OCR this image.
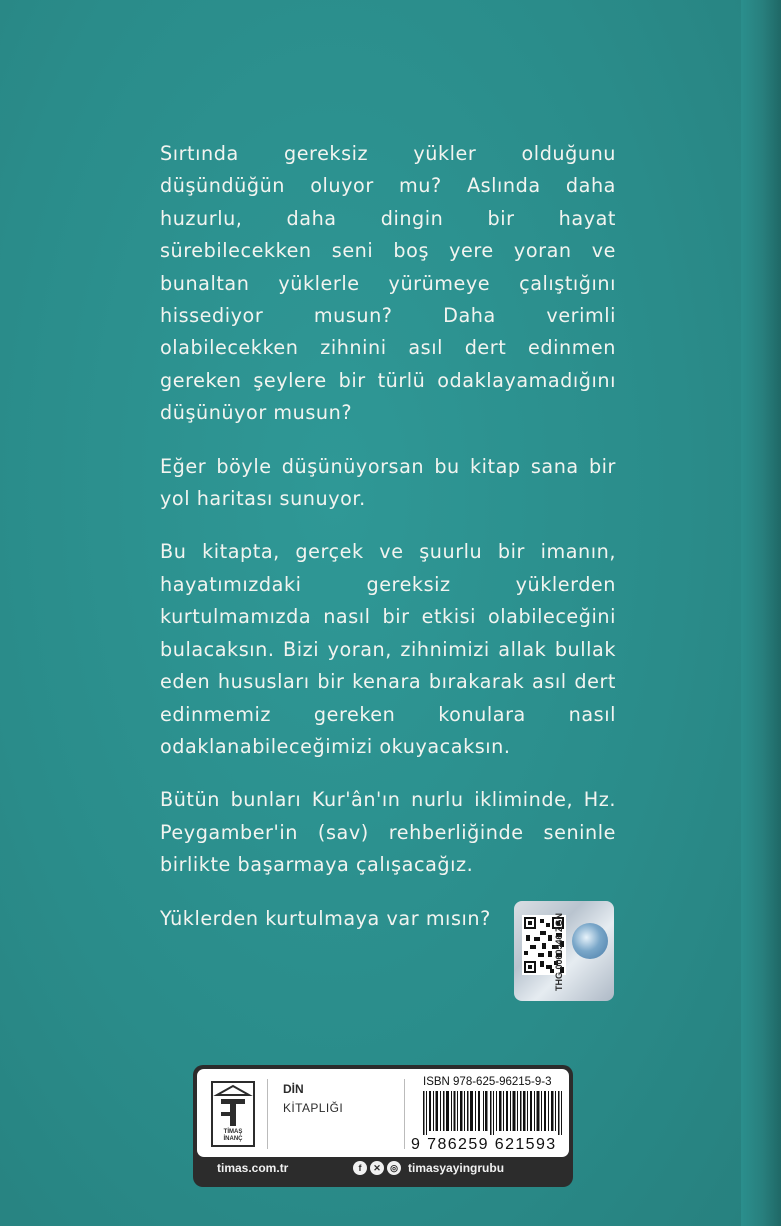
Sırtında gereksiz yükler olduğunu düşündüğün oluyor mu? Aslında daha huzurlu, daha dingin bir hayat sürebilecekken seni boş yere yoran ve bunaltan yüklerle yürümeye çalıştığını hissediyor musun? Daha verimli olabilecekken zihnini asıl dert edinmen gereken şeylere bir türlü odaklayamadığını düşünüyor musun?

Eğer böyle düşünüyorsan bu kitap sana bir yol haritası sunuyor.

Bu kitapta, gerçek ve şuurlu bir imanın, hayatımızdaki gereksiz yüklerden kurtulmamızda nasıl bir etkisi olabileceğini bulacaksın. Bizi yoran, zihnimizi allak bullak eden hususları bir kenara bırakarak asıl dert edinmemiz gereken konulara nasıl odaklanabileceğimizi okuyacaksın.

Bütün bunları Kur'ân'ın nurlu ikliminde, Hz. Peygamber'in (sav) rehberliğinde seninle birlikte başarmaya çalışacağız.

Yüklerden kurtulmaya var mısın?	THG 0060546 ZGN
TİMAŞ
İNANÇ
DİN
KİTAPLIĞI
ISBN 978-625-96215-9-3
9 786259 621593
timas.com.tr	f	✕	◎ timasyayingrubu
